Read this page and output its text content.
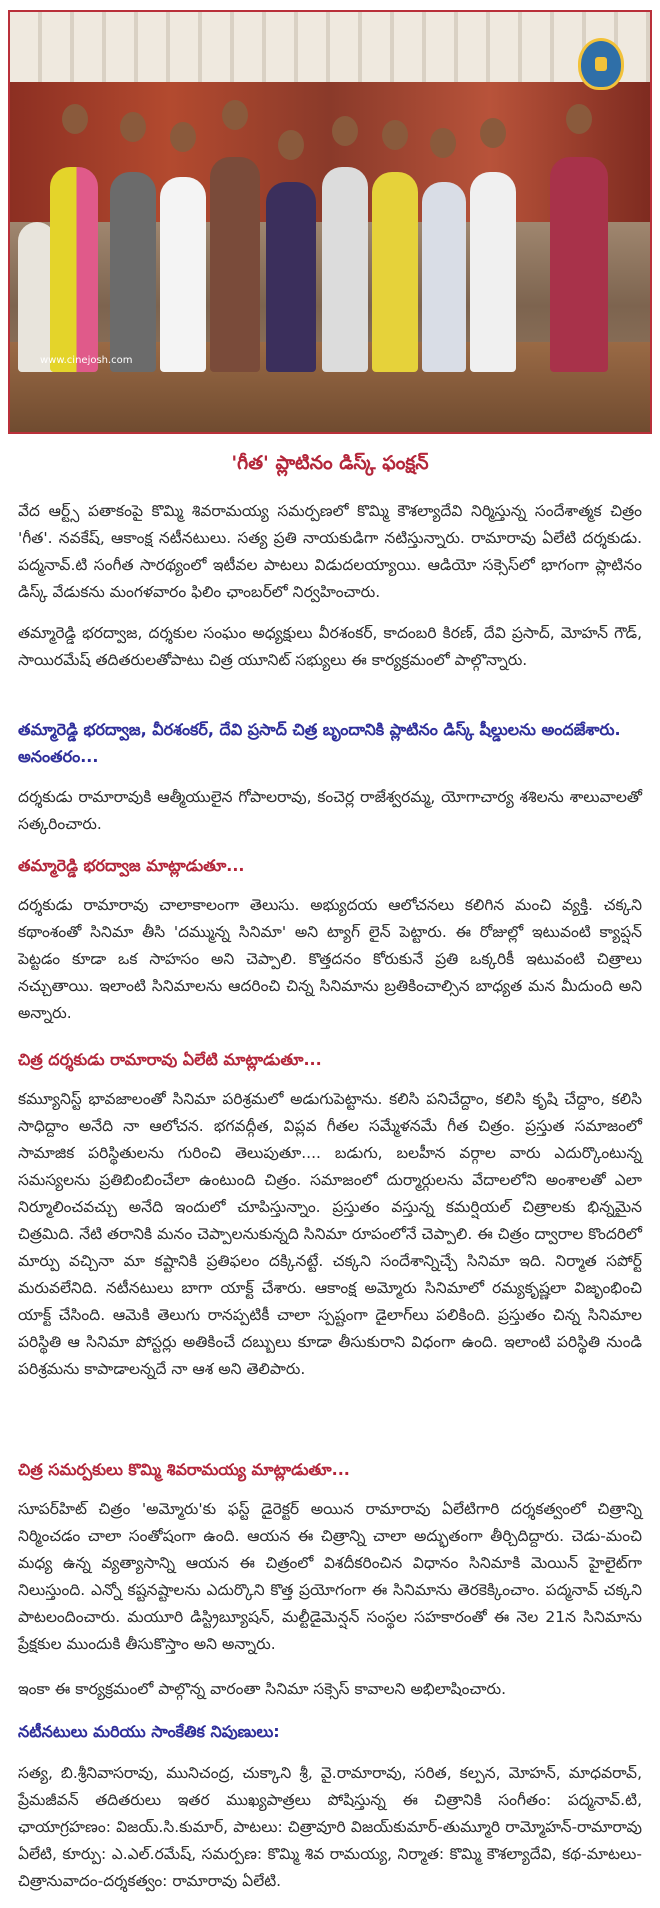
www.cinejosh.com
'గీత' ప్లాటినం డిస్క్ ఫంక్షన్

వేద ఆర్ట్స్ పతాకంపై కొమ్మి శివరామయ్య సమర్పణలో కొమ్మి కౌశల్యాదేవి నిర్మిస్తున్న సందేశాత్మక చిత్రం 'గీత'. నవకేష్, ఆకాంక్ష నటీనటులు. సత్య ప్రతి నాయకుడిగా నటిస్తున్నారు. రామారావు ఏలేటి దర్శకుడు. పద్మనావ్.టి సంగీత సారథ్యంలో ఇటీవల పాటలు విడుదలయ్యాయి. ఆడియో సక్సెస్‌లో భాగంగా ప్లాటినం డిస్క్ వేడుకను మంగళవారం ఫిలిం ఛాంబర్‌లో నిర్వహించారు.

తమ్మారెడ్డి భరద్వాజ, దర్శకుల సంఘం అధ్యక్షులు వీరశంకర్, కాదంబరి కిరణ్, దేవి ప్రసాద్, మోహన్ గౌడ్, సాయిరమేష్ తదితరులతోపాటు చిత్ర యూనిట్ సభ్యులు ఈ కార్యక్రమంలో పాల్గొన్నారు.

తమ్మారెడ్డి భరద్వాజ, వీరశంకర్, దేవి ప్రసాద్ చిత్ర బృందానికి ప్లాటినం డిస్క్ షీల్డులను అందజేశారు. అనంతరం...

దర్శకుడు రామారావుకి ఆత్మీయులైన గోపాలరావు, కంచెర్ల రాజేశ్వరమ్మ, యోగాచార్య శశిలను శాలువాలతో సత్కరించారు.

తమ్మారెడ్డి భరద్వాజ మాట్లాడుతూ...

దర్శకుడు రామారావు చాలాకాలంగా తెలుసు. అభ్యుదయ ఆలోచనలు కలిగిన మంచి వ్యక్తి. చక్కని కథాంశంతో సినిమా తీసి 'దమ్మున్న సినిమా' అని ట్యాగ్ లైన్ పెట్టారు. ఈ రోజుల్లో ఇటువంటి క్యాప్షన్ పెట్టడం కూడా ఒక సాహసం అని చెప్పాలి. కొత్తదనం కోరుకునే ప్రతి ఒక్కరికీ ఇటువంటి చిత్రాలు నచ్చుతాయి. ఇలాంటి సినిమాలను ఆదరించి చిన్న సినిమాను బ్రతికించాల్సిన బాధ్యత మన మీదుంది అని అన్నారు.

చిత్ర దర్శకుడు రామారావు ఏలేటి మాట్లాడుతూ...

కమ్యూనిస్ట్ భావజాలంతో సినిమా పరిశ్రమలో అడుగుపెట్టాను. కలిసి పనిచేద్దాం, కలిసి కృషి చేద్దాం, కలిసి సాధిద్దాం అనేది నా ఆలోచన. భగవద్గీత, విప్లవ గీతల సమ్మేళనమే గీత చిత్రం. ప్రస్తుత సమాజంలో సామాజిక పరిస్థితులను గురించి తెలుపుతూ.... బడుగు, బలహీన వర్గాల వారు ఎదుర్కొంటున్న సమస్యలను ప్రతిబింబించేలా ఉంటుంది చిత్రం. సమాజంలో దుర్మార్గులను వేదాలలోని అంశాలతో ఎలా నిర్మూలించవచ్చు అనేది ఇందులో చూపిస్తున్నాం. ప్రస్తుతం వస్తున్న కమర్షియల్ చిత్రాలకు భిన్నమైన చిత్రమిది. నేటి తరానికి మనం చెప్పాలనుకున్నది సినిమా రూపంలోనే చెప్పాలి. ఈ చిత్రం ద్వారాల కొందరిలో మార్పు వచ్చినా మా కష్టానికి ప్రతిఫలం దక్కినట్టే. చక్కని సందేశాన్నిచ్చే సినిమా ఇది. నిర్మాత సపోర్ట్ మరువలేనిది. నటీనటులు బాగా యాక్ట్ చేశారు. ఆకాంక్ష అమ్మోరు సినిమాలో రమ్యకృష్ణలా విజృంభించి యాక్ట్ చేసింది. ఆమెకి తెలుగు రానప్పటికీ చాలా స్పష్టంగా డైలాగ్‌లు పలికింది. ప్రస్తుతం చిన్న సినిమాల పరిస్థితి ఆ సినిమా పోస్టర్లు అతికించే దబ్బులు కూడా తీసుకురాని విధంగా ఉంది. ఇలాంటి పరిస్థితి నుండి పరిశ్రమను కాపాడాలన్నదే నా ఆశ అని తెలిపారు.

చిత్ర సమర్పకులు కొమ్మి శివరామయ్య మాట్లాడుతూ...

సూపర్‌హిట్ చిత్రం 'అమ్మోరు'కు ఫస్ట్ డైరెక్టర్ అయిన రామారావు ఏలేటిగారి దర్శకత్వంలో చిత్రాన్ని నిర్మించడం చాలా సంతోషంగా ఉంది. ఆయన ఈ చిత్రాన్ని చాలా అద్భుతంగా తీర్చిదిద్దారు. చెడు-మంచి మధ్య ఉన్న వ్యత్యాసాన్ని ఆయన ఈ చిత్రంలో విశదీకరించిన విధానం సినిమాకి మెయిన్ హైలైట్‌గా నిలుస్తుంది. ఎన్నో కష్టనష్టాలను ఎదుర్కొని కొత్త ప్రయోగంగా ఈ సినిమాను తెరకెక్కించాం. పద్మనావ్ చక్కని పాటలందించారు. మయూరి డిస్ట్రిబ్యూషన్, మల్టీడైమెన్షన్ సంస్థల సహకారంతో ఈ నెల 21న సినిమాను ప్రేక్షకుల ముందుకి తీసుకొస్తాం అని అన్నారు.

ఇంకా ఈ కార్యక్రమంలో పాల్గొన్న వారంతా సినిమా సక్సెస్ కావాలని అభిలాషించారు.

నటీనటులు మరియు సాంకేతిక నిపుణులు:

సత్య, బి.శ్రీనివాసరావు, మునిచంద్ర, చుక్కాని శ్రీ, వై.రామారావు, సరిత, కల్పన, మోహన్, మాధవరావ్, ప్రేమజీవన్ తదితరులు ఇతర ముఖ్యపాత్రలు పోషిస్తున్న ఈ చిత్రానికి సంగీతం: పద్మనావ్.టి, ఛాయాగ్రహణం: విజయ్.సి.కుమార్, పాటలు: చిత్రావూరి విజయ్‌కుమార్-తుమ్మూరి రామ్మోహన్-రామారావు ఏలేటి, కూర్పు: ఎ.ఎల్.రమేష్, సమర్పణ: కొమ్మి శివ రామయ్య, నిర్మాత: కొమ్మి కౌశల్యాదేవి, కథ-మాటలు-చిత్రానువాదం-దర్శకత్వం: రామారావు ఏలేటి.
